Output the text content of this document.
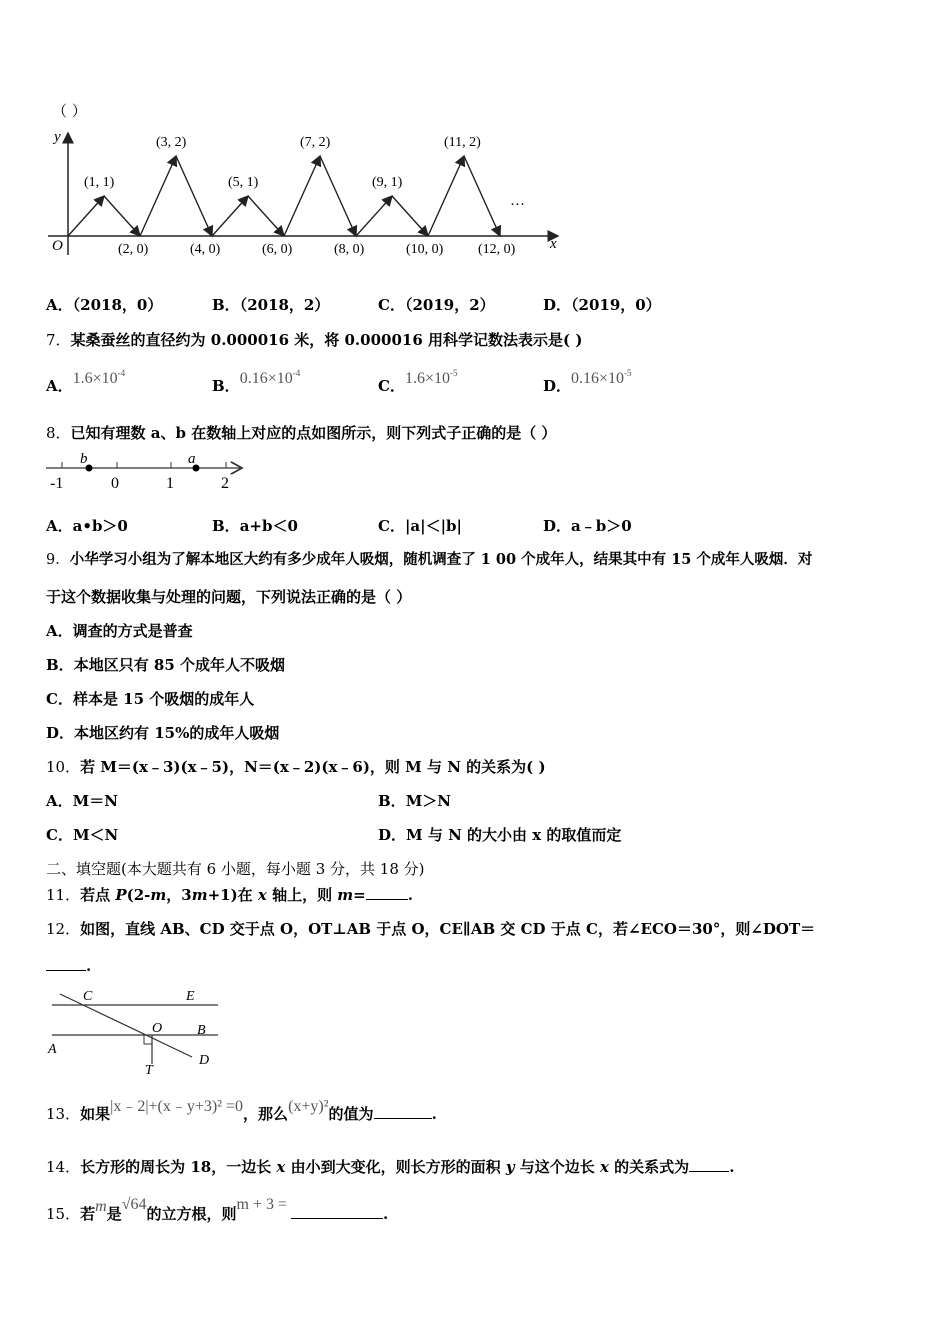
（ ）
y
x
O
…
(1, 1)
(3, 2)
(5, 1)
(7, 2)
(9, 1)
(11, 2)
(2, 0)	(4, 0)	(6, 0)	(8, 0)	(10, 0) (12, 0)
A．（2018，0）	B．（2018，2）	C．（2019，2）	D．（2019，0）
7．某桑蚕丝的直径约为 0.000016 米，将 0.000016 用科学记数法表示是( )
A．$1.6\times 10^{-4}$
B．$0.16\times 10^{-4}$
C．$1.6\times 10^{-5}$
D．$0.16\times 10^{-5}$
8．已知有理数 a、b 在数轴上对应的点如图所示，则下列式子正确的是（ ）
b	a
-1	0	1	2
A．a•b＞0	B．a+b＜0	C．|a|＜|b|	D．a﹣b＞0
9．小华学习小组为了解本地区大约有多少成年人吸烟，随机调查了 1 00 个成年人，结果其中有 15 个成年人吸烟．对
于这个数据收集与处理的问题，下列说法正确的是（ ）
A．调查的方式是普查
B．本地区只有 85 个成年人不吸烟
C．样本是 15 个吸烟的成年人
D．本地区约有 15%的成年人吸烟
10．若 M＝(x﹣3)(x﹣5)，N＝(x﹣2)(x﹣6)，则 M 与 N 的关系为( )
A．M＝N	B．M＞N
C．M＜N	D．M 与 N 的大小由 x 的取值而定
二、填空题(本大题共有 6 小题，每小题 3 分，共 18 分)
11．若点 P(2-m，3m+1)在 x 轴上，则 m=	.
12．如图，直线 AB、CD 交于点 O，OT⊥AB 于点 O，CE∥AB 交 CD 于点 C，若∠ECO＝30°，则∠DOT＝
.
C	E
O B
A
D
T
13．如果|x﹣2|+(x﹣y+3)² =0，那么(x+y)²的值为	.
14．长方形的周长为 18，一边长 x 由小到大变化，则长方形的面积 y 与这个边长 x 的关系式为	.
15．若m是√64的立方根，则m + 3 =.
